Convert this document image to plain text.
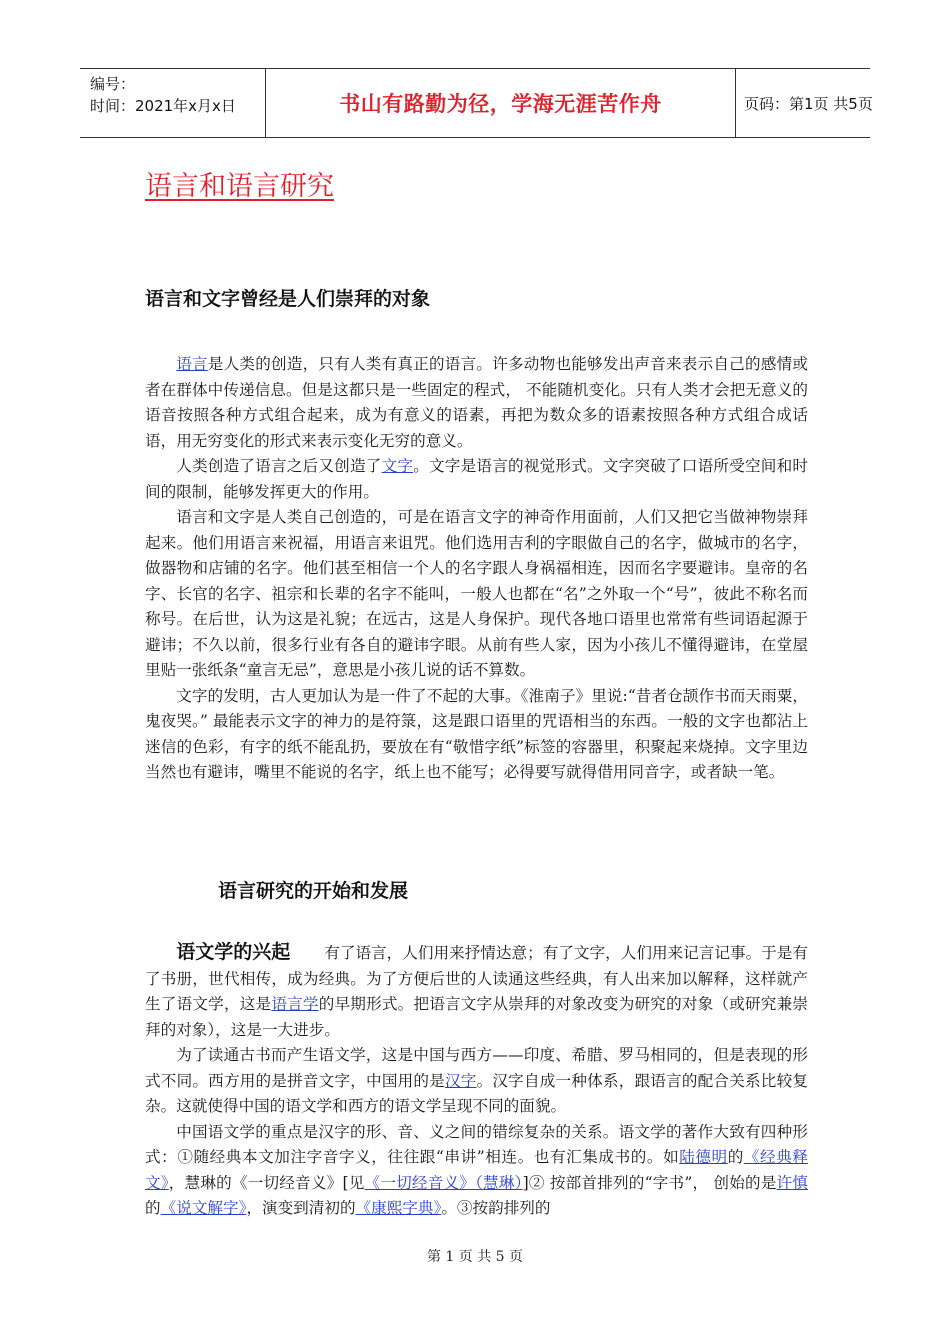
编号：
时间：2021年x月x日	书山有路勤为径，学海无涯苦作舟	页码：第1页 共5页
语言和语言研究
语言和文字曾经是人们崇拜的对象

语言是人类的创造，只有人类有真正的语言。许多动物也能够发出声音来表示自己的感情或者在群体中传递信息。但是这都只是一些固定的程式， 不能随机变化。只有人类才会把无意义的语音按照各种方式组合起来，成为有意义的语素，再把为数众多的语素按照各种方式组合成话语，用无穷变化的形式来表示变化无穷的意义。

人类创造了语言之后又创造了文字。文字是语言的视觉形式。文字突破了口语所受空间和时间的限制，能够发挥更大的作用。

语言和文字是人类自己创造的，可是在语言文字的神奇作用面前，人们又把它当做神物崇拜起来。他们用语言来祝福，用语言来诅咒。他们选用吉利的字眼做自己的名字，做城市的名字，做器物和店铺的名字。他们甚至相信一个人的名字跟人身祸福相连，因而名字要避讳。皇帝的名字、长官的名字、祖宗和长辈的名字不能叫，一般人也都在“名”之外取一个“号”，彼此不称名而称号。在后世，认为这是礼貌；在远古，这是人身保护。现代各地口语里也常常有些词语起源于避讳；不久以前，很多行业有各自的避讳字眼。从前有些人家，因为小孩儿不懂得避讳，在堂屋里贴一张纸条“童言无忌”，意思是小孩儿说的话不算数。

文字的发明，古人更加认为是一件了不起的大事。《淮南子》里说:“昔者仓颉作书而天雨粟，鬼夜哭。” 最能表示文字的神力的是符箓，这是跟口语里的咒语相当的东西。一般的文字也都沾上迷信的色彩，有字的纸不能乱扔，要放在有“敬惜字纸”标签的容器里，积聚起来烧掉。文字里边当然也有避讳，嘴里不能说的名字，纸上也不能写；必得要写就得借用同音字，或者缺一笔。

语言研究的开始和发展

语文学的兴起 有了语言，人们用来抒情达意；有了文字，人们用来记言记事。于是有了书册，世代相传，成为经典。为了方便后世的人读通这些经典，有人出来加以解释，这样就产生了语文学，这是语言学的早期形式。把语言文字从崇拜的对象改变为研究的对象（或研究兼崇拜的对象），这是一大进步。

为了读通古书而产生语文学，这是中国与西方——印度、希腊、罗马相同的，但是表现的形式不同。西方用的是拼音文字，中国用的是汉字。汉字自成一种体系，跟语言的配合关系比较复杂。这就使得中国的语文学和西方的语文学呈现不同的面貌。

中国语文学的重点是汉字的形、音、义之间的错综复杂的关系。语文学的著作大致有四种形式：①随经典本文加注字音字义，往往跟“串讲”相连。也有汇集成书的。如陆德明的《经典释文》，慧琳的《一切经音义》[见《一切经音义》（慧琳）]② 按部首排列的“字书”， 创始的是许慎的《说文解字》，演变到清初的《康熙字典》。③按韵排列的

第 1 页 共 5 页
